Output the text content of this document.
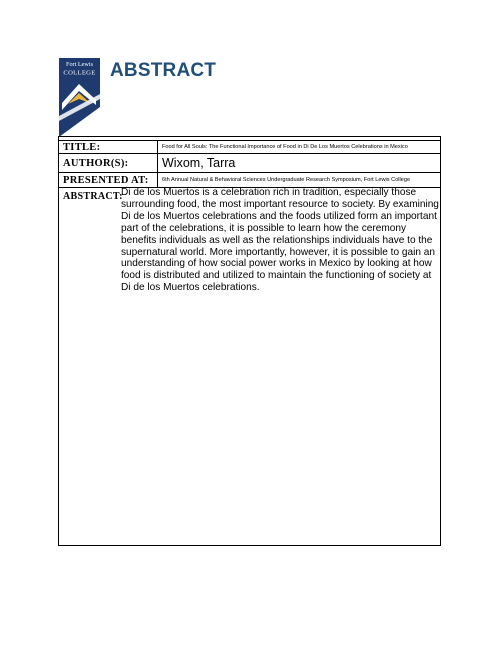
Fort Lewis
COLLEGE ABSTRACT
TITLE:	Food for All Souls: The Functional Importance of Food in Di De Los Muertos Celebrations in Mexico
AUTHOR(S):	Wixom, Tarra
PRESENTED AT:	6th Annual Natural & Behavioral Sciences Undergraduate Research Symposium, Fort Lewis College
ABSTRACT:
Di de los Muertos is a celebration rich in tradition, especially those surrounding food, the most important resource to society. By examining Di de los Muertos celebrations and the foods utilized form an important part of the celebrations, it is possible to learn how the ceremony benefits individuals as well as the relationships individuals have to the supernatural world. More importantly, however, it is possible to gain an understanding of how social power works in Mexico by looking at how food is distributed and utilized to maintain the functioning of society at Di de los Muertos celebrations.
